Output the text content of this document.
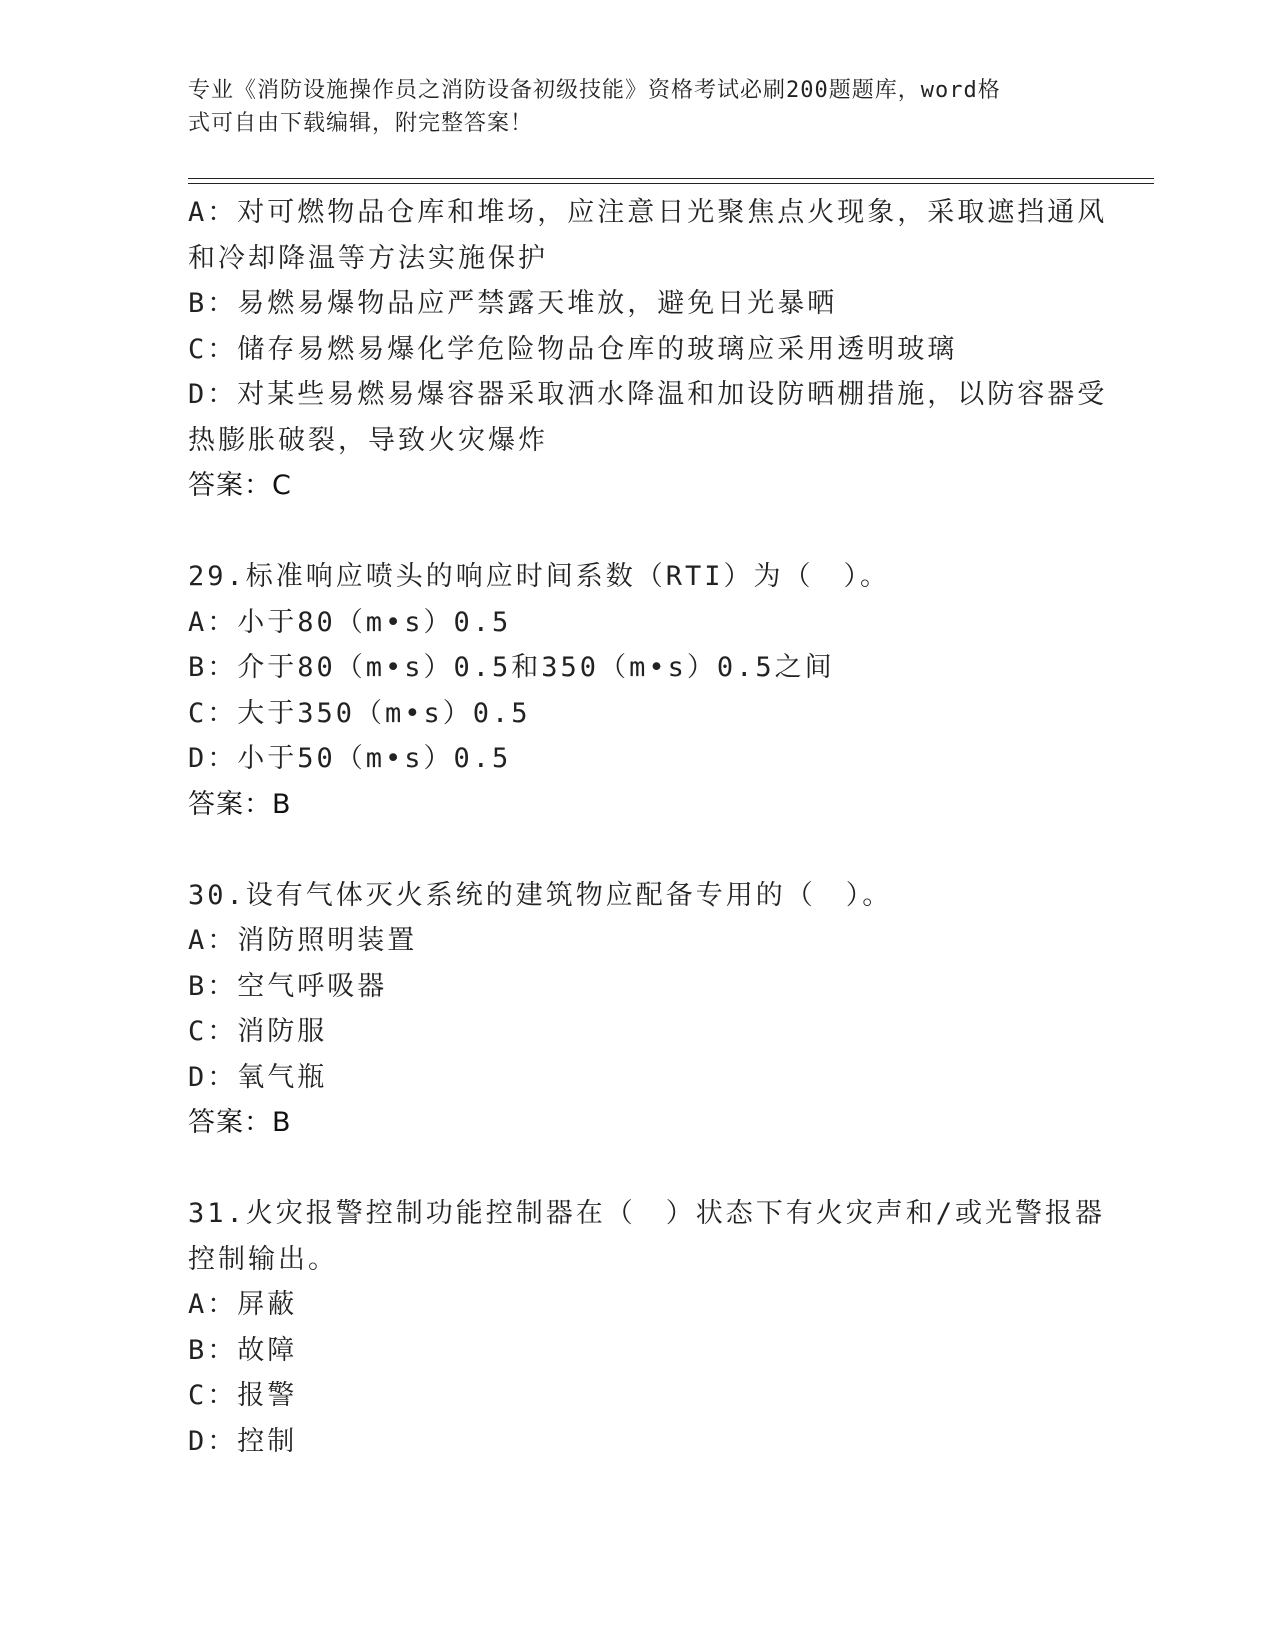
专业《消防设施操作员之消防设备初级技能》资格考试必刷200题题库，word格
式可自由下载编辑，附完整答案！
A：对可燃物品仓库和堆场，应注意日光聚焦点火现象，采取遮挡通风
和冷却降温等方法实施保护
B：易燃易爆物品应严禁露天堆放，避免日光暴晒
C：储存易燃易爆化学危险物品仓库的玻璃应采用透明玻璃
D：对某些易燃易爆容器采取洒水降温和加设防晒棚措施，以防容器受
热膨胀破裂，导致火灾爆炸
答案：C
29.标准响应喷头的响应时间系数（RTI）为（　）。
A：小于80（m•s）0.5
B：介于80（m•s）0.5和350（m•s）0.5之间
C：大于350（m•s）0.5
D：小于50（m•s）0.5
答案：B
30.设有气体灭火系统的建筑物应配备专用的（　）。
A：消防照明装置
B：空气呼吸器
C：消防服
D：氧气瓶
答案：B
31.火灾报警控制功能控制器在（　）状态下有火灾声和/或光警报器
控制输出。
A：屏蔽
B：故障
C：报警
D：控制
